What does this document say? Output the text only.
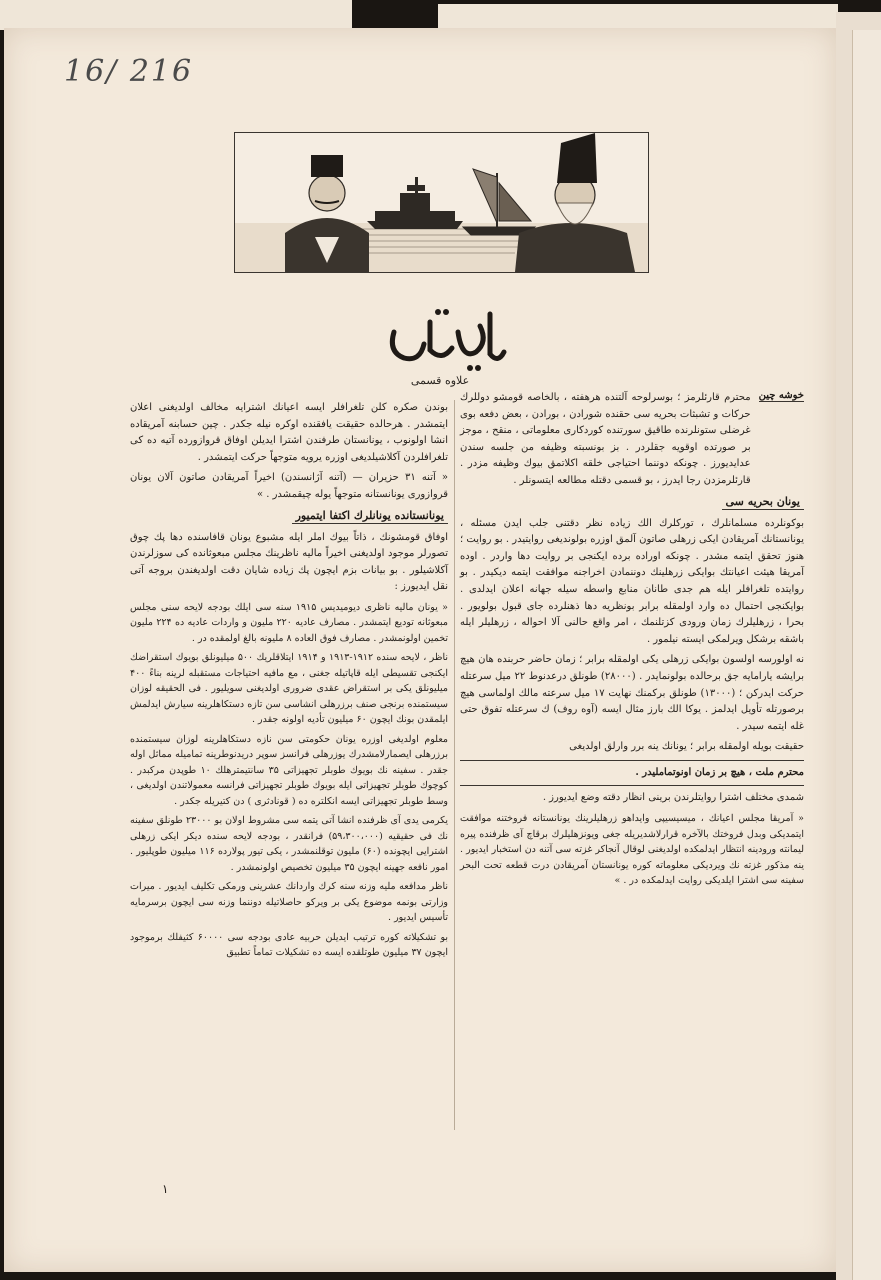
16/ 216
علاوه قسمی
خوشه چين

محترم قارئلرمز ؛ بوسرلوحه آلتنده هرهفته ، بالخاصه قومشو دوللرك حركات و تشبثات بحريه سی حقنده شورادن ، بورادن ، بعض دفعه بوی غرضلی ستونلرنده طاقيق سورتنده كوردكاری معلوماتی ، منقح ، موجز بر صورتده اوقويه جقلردر . بز بونسبته وظيفه من جلسه سندن عدايديورز . چونكه دوننما احتياجی خلقه اكلاتمق بيوك وظيفه مزدر . قارئلرمزدن رجا ايدرز ، بو قسمی دقتله مطالعه ايتسونلر .

يونان بحريه سی

بوكونلرده مسلمانلرك ، توركلرك الك زياده نظر دقتنی جلب ايدن مسئله ، يونانستانك آمريقادن ايكی زرهلی صاتون آلمق اوزره بولوندیغی روايتيدر . بو روايت ؛ هنوز تحقق ايتمه مشدر . چونكه اوراده برده ايكنجی بر روايت دها واردر . اوده آمريقا هيئت اعيانتك بوايكی زرهلينك دوننمادن اخراجنه موافقت ايتمه ديكيدر . بو روايتده تلغرافلر ايله هم جدی طانان منابع واسطه سيله جهانه اعلان ايدلدی . بوايكنجی احتمال ده وارد اولمقله برابر بونظريه دها ذهنلرده جای قبول بولويور . بحرا ، زرهليلرك زمان ورودی كزتلنمك ، امر واقع حالنی آلا احواله ، زرهليلر ايله باشقه برشكل ويرلمكی ايسته نيلمور .

نه اولورسه اولسون بوايكی زرهلی يكی اولمقله برابر ؛ زمان حاضر حربنده هان هيچ برايشه يارامايه جق برحالده بولونمايدر . (۲۸۰۰۰) طونلق درعدنوط ۲۲ ميل سرعتله حركت ايدركن ؛ (۱۳۰۰۰) طونلق بركمنك نهايت ۱۷ ميل سرعته مالك اولماسی هيچ برصورتله تأويل ايدلمز . يوكا الك بارز مثال ايسه (آوه روف) ك سرعتله تفوق حتی غله ايتمه سيدر .

حقيقت بويله اولمقله برابر ؛ يونانك ينه برر وارلق اولدیغی

محترم ملت ، هيچ بر زمان اونوتمامليدر .

شمدی مختلف اشترا روايتلرندن برينی انظار دقته وضع ايديورز .

« آمريقا مجلس اعيانك ، ميسيسيپی وايداهو زرهليلرينك يونانستانه فروختنه موافقت ايتمديكی وبدل فروختك بالآخره قرارلاشديريله جغی ويونزهليلرك برقاچ آی ظرفنده پيره ليمانته ورودينه انتظار ايدلمكده اولدیغنی لوقال آنجاكر غزته سی آتنه دن استخبار ايديور . ينه مذكور غزته نك ويرديكی معلوماته كوره يونانستان آمريقادن درت قطعه تحت البحر سفينه سی اشترا ايلديكی روايت ايدلمكده در . »

بوندن صكره كلن تلغرافلر ايسه اعيانك اشترايه مخالف اولديغنی اعلان ايتمشدر . هرحالده حقيقت يافقنده اوكره نيله جكدر . چين حسابنه آمريقاده انشا اولونوب ، يونانستان طرفندن اشترا ايديلن اوفاق قروازورده آتيه ده كی تلغرافلردن آكلاشيلديغی اوزره يرويه متوجهاً حركت ايتمشدر .

« آتنه ۳۱ حزيران — (آتنه آژانسندن) اخيراً آمريقادن صاتون آلان يونان قروازوری يونانستانه متوجهاً يوله چيقمشدر . »

يونانستانده يونانلرك اكتفا ايتميور

اوفاق قومشونك ، ذاتاً بيوك املر ايله مشبوع يونان قافاسنده دها پك چوق تصورلر موجود اولديغنی اخيراً ماليه ناظرينك مجلس مبعوثانده كی سوزلرندن آكلاشيلور . بو بيانات بزم ايچون پك زياده شايان دقت اولدیغندن بروجه آتی نقل ايديورز :

« يونان ماليه ناظری ديوميديس ۱۹۱۵ سنه سی ايلك بودجه لايحه سنی مجلس مبعوثانه توديع ايتمشدر . مصارف عاديه ۲۲۰ مليون و واردات عاديه ده ۲۲۴ مليون تخمين اولونمشدر . مصارف فوق العاده ۸ مليونه بالغ اولمقده در .

ناظر ، لايحه سنده ۱۹۱۲-۱۹۱۳ و ۱۹۱۴ ايتلاقلريك ۵۰۰ ميليونلق بويوك استقراضك ايكنجی تقسيطی ايله قاپاتيله جغنی ، مع مافيه احتياجات مستقبله لرينه بناءً ۴۰۰ ميليونلق يكی بر استقراض عقدی ضروری اولدیغنی سويليور . فی الحقيقه لوزان سيستمنده برنجی صنف برزرهلی انشاسی سن تازه دستكاهلرينه سيارش ايدلمش ايلمقدن بونك ايچون ۶۰ ميليون تأديه اولونه جقدر .

معلوم اولديغی اوزره يونان حكومتی سن نازه دستكاهلرينه لوزان سيستمنده برزرهلی ايصمارلامشدرك يوزرهلی فرانسز سوپر دريدنوطرينه تماميله مماثل اوله جقدر . سفينه نك بويوك طوبلر تجهيزاتی ۳۵ سانتيمترهلك ۱۰ طوپدن مركبدر . كوچوك طوبلر تجهيزاتی ايله بويوك طوبلر تجهيزاتی فرانسه معمولاتندن اولديغی ، وسط طوبلر تجهيزاتی ايسه انكلتره ده ( قونادثرى ) دن كتيريله جكدر .

يكرمی يدی آی ظرفنده انشا آتی يتمه سی مشروط اولان بو ۲۳۰۰۰ طونلق سفينه نك فی حقيقيه (۵۹،۳۰۰،۰۰۰) فرانقدر ، بودجه لايحه سنده ديكر ايكی زرهلی اشترايی ايچونده (۶۰) مليون توقلنمشدر ، يكی تيور پولارده ۱۱۶ ميليون طوپليور . امور نافعه جهينه ايچون ۳۵ ميليون تخصيص اولونمشدر .

ناظر مدافعه مليه وزنه سنه كرك واردانك عشرينی ورمكی تكليف ايديور . ميرات وزارتی بونمه موضوع يكی بر ويركو حاصلاتيله دوننما وزنه سی ايچون برسرمايه تأسيس ايديور .

بو تشكيلاته كوره ترتيب ايديلن حربيه عادی بودجه سی ۶۰۰۰۰ كثيفلك برموجود ايچون ۳۷ ميليون طوتلقده ايسه ده تشكيلات تماماً تطبيق

۱
